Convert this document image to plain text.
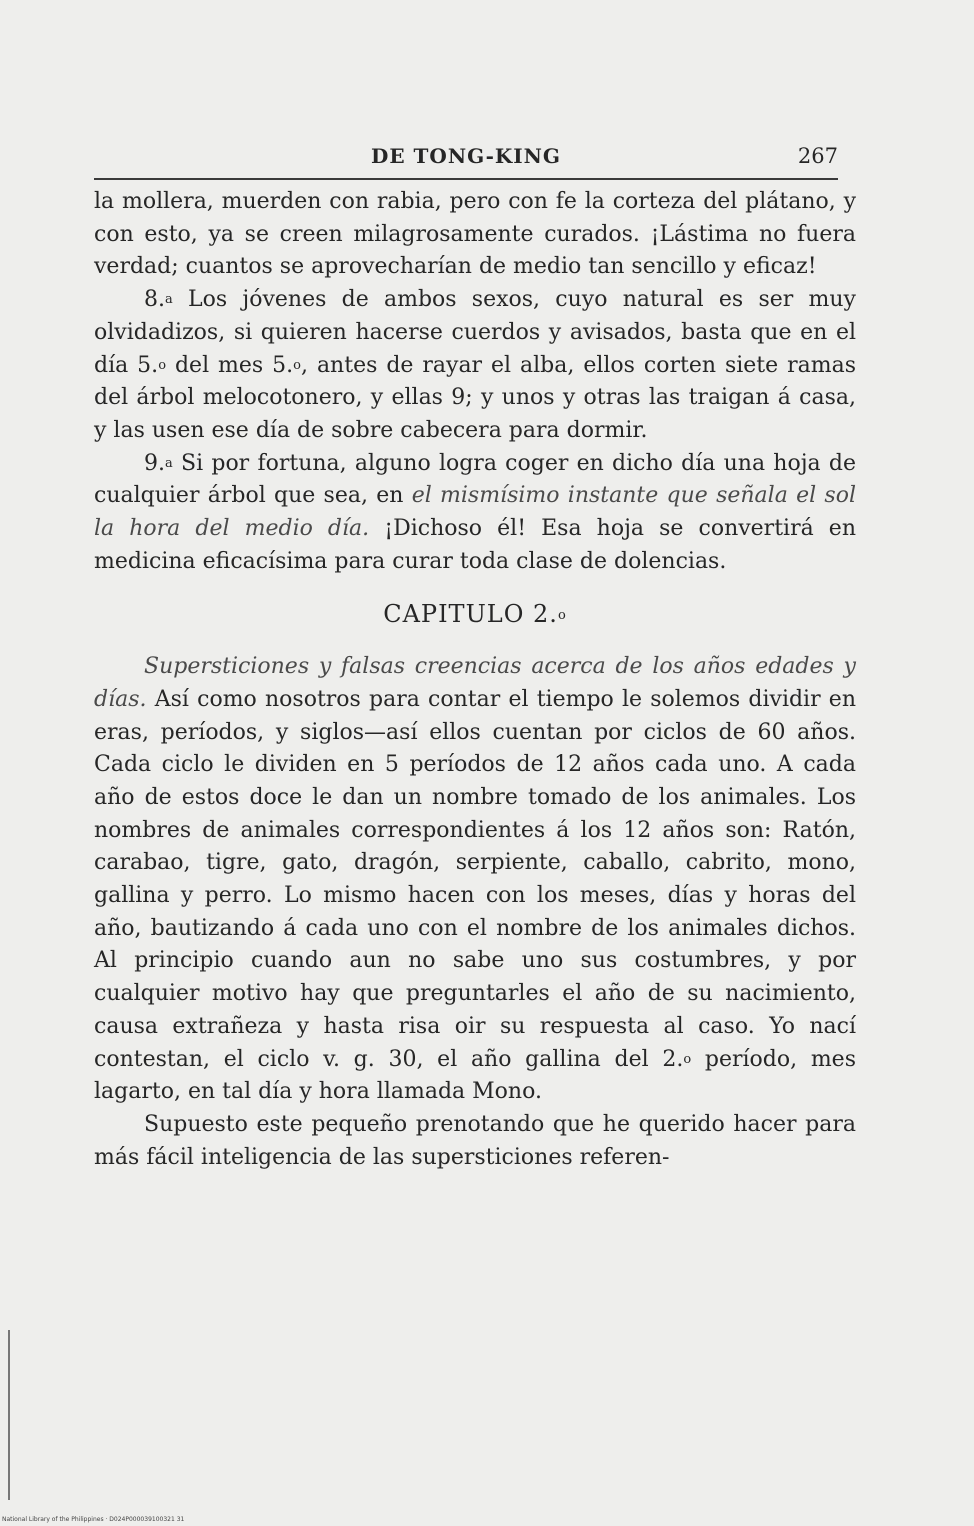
DE TONG-KING	267

la mollera, muerden con rabia, pero con fe la corteza del plátano, y con esto, ya se creen milagrosamente curados. ¡Lástima no fuera verdad; cuantos se aprovecharían de medio tan sencillo y eficaz!

8.$^a$ Los jóvenes de ambos sexos, cuyo natural es ser muy olvidadizos, si quieren hacerse cuerdos y avisados, basta que en el día 5.$^o$ del mes 5.$^o$, antes de rayar el alba, ellos corten siete ramas del árbol melocotonero, y ellas 9; y unos y otras las traigan á casa, y las usen ese día de sobre cabecera para dormir.

9.$^a$ Si por fortuna, alguno logra coger en dicho día una hoja de cualquier árbol que sea, en el mismísimo instante que señala el sol la hora del medio día. ¡Dichoso él! Esa hoja se convertirá en medicina eficacísima para curar toda clase de dolencias.

CAPITULO 2.$^o$

Supersticiones y falsas creencias acerca de los años edades y días. Así como nosotros para contar el tiempo le solemos dividir en eras, períodos, y siglos—así ellos cuentan por ciclos de 60 años. Cada ciclo le dividen en 5 períodos de 12 años cada uno. A cada año de estos doce le dan un nombre tomado de los animales. Los nombres de animales correspondientes á los 12 años son: Ratón, carabao, tigre, gato, dragón, serpiente, caballo, cabrito, mono, gallina y perro. Lo mismo hacen con los meses, días y horas del año, bautizando á cada uno con el nombre de los animales dichos. Al principio cuando aun no sabe uno sus costumbres, y por cualquier motivo hay que preguntarles el año de su nacimiento, causa extrañeza y hasta risa oir su respuesta al caso. Yo nací contestan, el ciclo v. g. 30, el año gallina del 2.$^o$ período, mes lagarto, en tal día y hora llamada Mono.

Supuesto este pequeño prenotando que he querido hacer para más fácil inteligencia de las supersticiones referen-

National Library of the Philippines · D024P000039100321 31
